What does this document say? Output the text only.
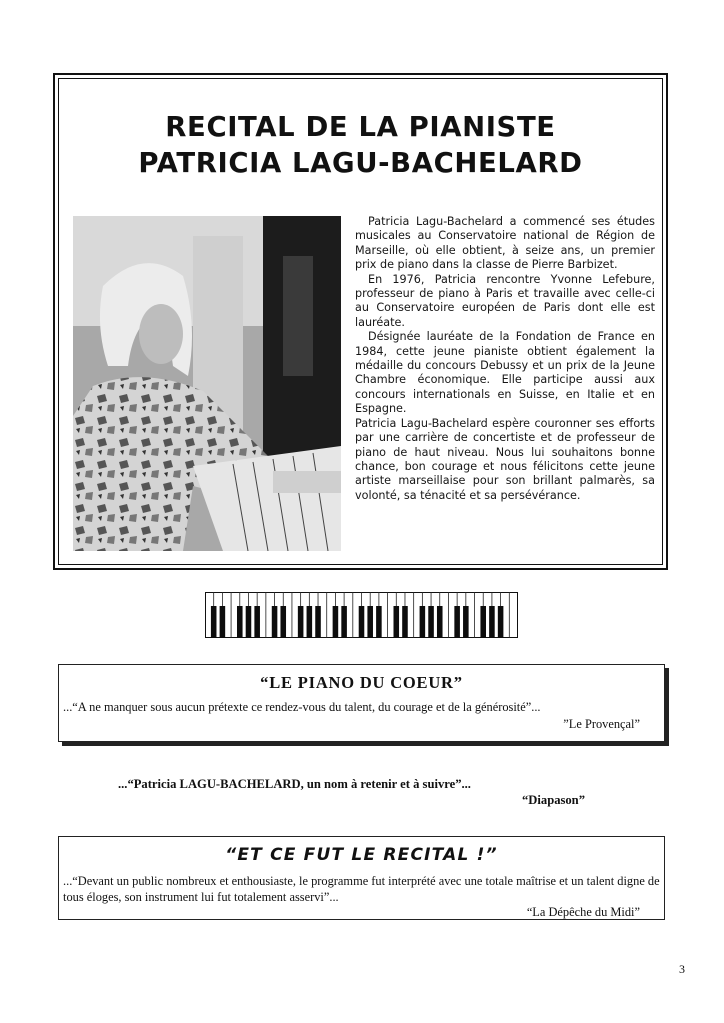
RECITAL DE LA PIANISTE
PATRICIA LAGU-BACHELARD

Patricia Lagu-Bachelard a commencé ses études musicales au Conservatoire national de Région de Marseille, où elle obtient, à seize ans, un premier prix de piano dans la classe de Pierre Barbizet.

En 1976, Patricia rencontre Yvonne Lefebure, professeur de piano à Paris et travaille avec celle-ci au Conservatoire européen de Paris dont elle est lauréate.

Désignée lauréate de la Fondation de France en 1984, cette jeune pianiste obtient également la médaille du concours Debussy et un prix de la Jeune Chambre économique. Elle participe aussi aux concours internationals en Suisse, en Italie et en Espagne.

Patricia Lagu-Bachelard espère couronner ses efforts par une carrière de concertiste et de professeur de piano de haut niveau. Nous lui souhaitons bonne chance, bon courage et nous félicitons cette jeune artiste marseillaise pour son brillant palmarès, sa volonté, sa ténacité et sa persévérance.

“LE PIANO DU COEUR”

...“A ne manquer sous aucun prétexte ce rendez-vous du talent, du courage et de la générosité”...

”Le Provençal”

...“Patricia LAGU-BACHELARD, un nom à retenir et à suivre”...

“Diapason”

“ET CE FUT LE RECITAL !”

...“Devant un public nombreux et enthousiaste, le programme fut interprété avec une totale maîtrise et un talent digne de tous éloges, son instrument lui fut totalement asservi”...

“La Dépêche du Midi”

3
